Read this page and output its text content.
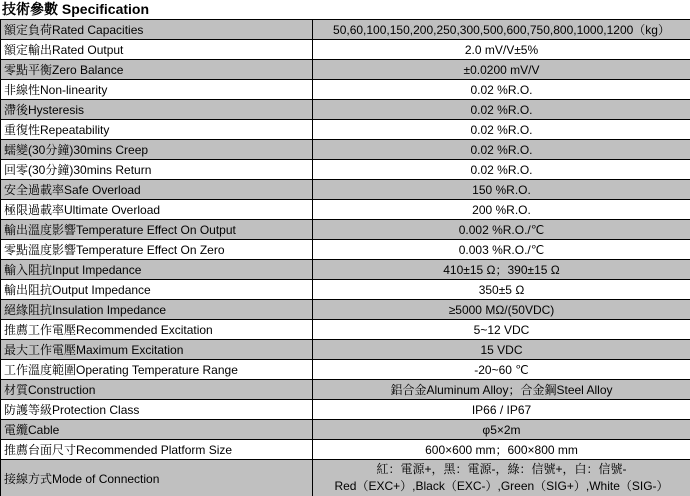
技術參數 Specification
額定負荷Rated Capacities	50,60,100,150,200,250,300,500,600,750,800,1000,1200（kg）
額定輸出Rated Output	2.0 mV/V±5%
零點平衡Zero Balance	±0.0200 mV/V
非線性Non-linearity	0.02 %R.O.
滯後Hysteresis	0.02 %R.O.
重復性Repeatability	0.02 %R.O.
蠕變(30分鐘)30mins Creep	0.02 %R.O.
回零(30分鐘)30mins Return	0.02 %R.O.
安全過載率Safe Overload	150 %R.O.
極限過載率Ultimate Overload	200 %R.O.
輸出溫度影響Temperature Effect On Output	0.002 %R.O./℃
零點溫度影響Temperature Effect On Zero	0.003 %R.O./℃
輸入阻抗Input Impedance	410±15 Ω；390±15 Ω
輸出阻抗Output Impedance	350±5 Ω
絕緣阻抗Insulation Impedance	≥5000 MΩ/(50VDC)
推薦工作電壓Recommended Excitation	5~12 VDC
最大工作電壓Maximum Excitation	15 VDC
工作溫度範圍Operating Temperature Range	-20~60 ℃
材質Construction	鋁合金Aluminum Alloy；合金鋼Steel Alloy
防護等級Protection Class	IP66 / IP67
電纜Cable	φ5×2m
推薦台面尺寸Recommended Platform Size	600×600 mm；600×800 mm
接線方式Mode of Connection	紅：電源+，黑：電源-，綠：信號+，白：信號-
Red（EXC+）,Black（EXC-）,Green（SIG+）,White（SIG-）
